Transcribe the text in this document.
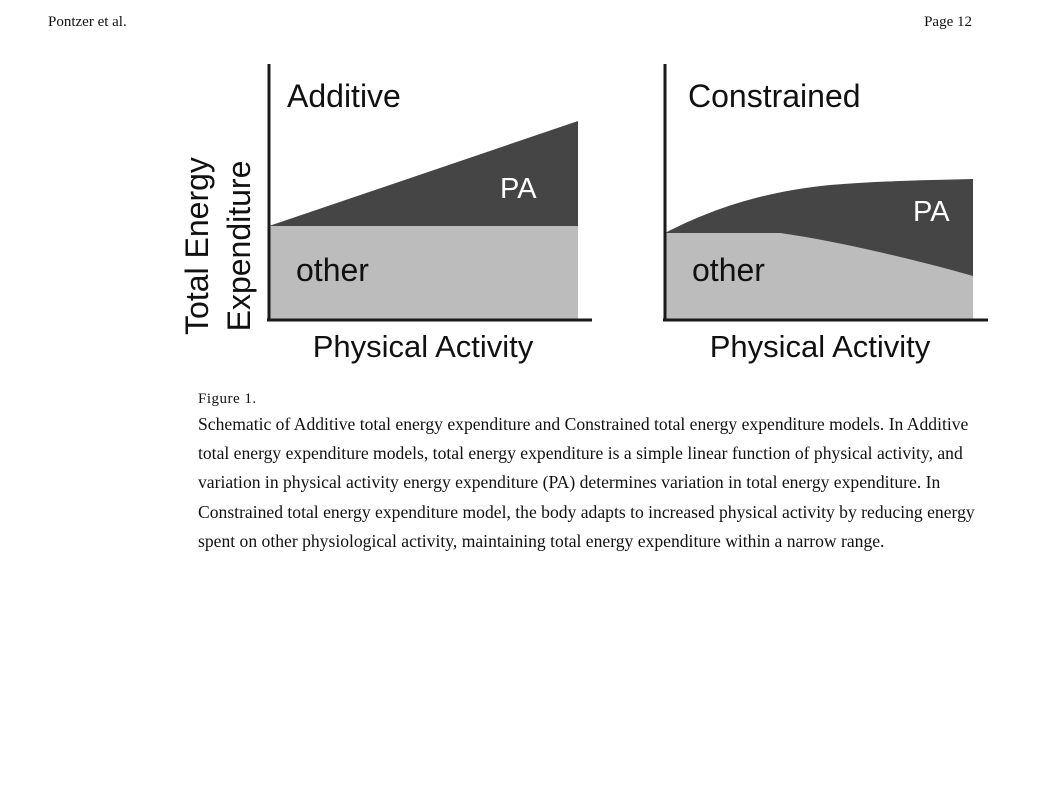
Pontzer et al.	Page 12
Total Energy Expenditure
Additive
PA
other
Physical Activity
Constrained
PA
other
Physical Activity
Figure 1.
Schematic of Additive total energy expenditure and Constrained total energy expenditure models. In Additive total energy expenditure models, total energy expenditure is a simple linear function of physical activity, and variation in physical activity energy expenditure (PA) determines variation in total energy expenditure. In Constrained total energy expenditure model, the body adapts to increased physical activity by reducing energy spent on other physiological activity, maintaining total energy expenditure within a narrow range.
